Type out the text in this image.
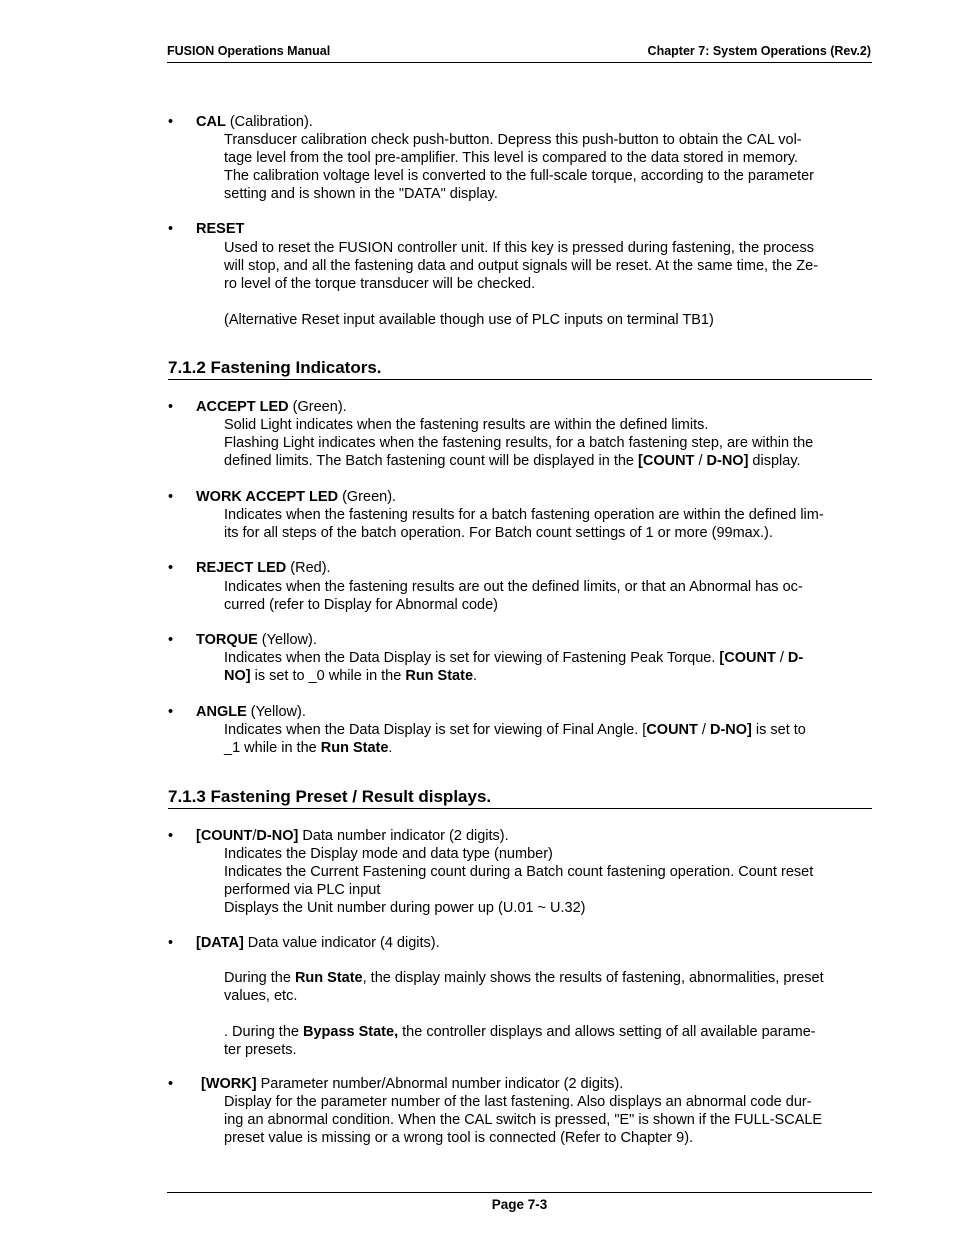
FUSION Operations Manual	Chapter 7: System Operations (Rev.2)
•	CAL (Calibration).
Transducer calibration check push-button. Depress this push-button to obtain the CAL vol-
tage level from the tool pre-amplifier. This level is compared to the data stored in memory.
The calibration voltage level is converted to the full-scale torque, according to the parameter
setting and is shown in the "DATA" display.
•	RESET
Used to reset the FUSION controller unit. If this key is pressed during fastening, the process
will stop, and all the fastening data and output signals will be reset. At the same time, the Ze-
ro level of the torque transducer will be checked.
(Alternative Reset input available though use of PLC inputs on terminal TB1)
7.1.2 Fastening Indicators.
•	ACCEPT LED (Green).
Solid Light indicates when the fastening results are within the defined limits.
Flashing Light indicates when the fastening results, for a batch fastening step, are within the
defined limits. The Batch fastening count will be displayed in the [COUNT / D-NO] display.
•	WORK ACCEPT LED (Green).
Indicates when the fastening results for a batch fastening operation are within the defined lim-
its for all steps of the batch operation. For Batch count settings of 1 or more (99max.).
•	REJECT LED (Red).
Indicates when the fastening results are out the defined limits, or that an Abnormal has oc-
curred (refer to Display for Abnormal code)
•	TORQUE (Yellow).
Indicates when the Data Display is set for viewing of Fastening Peak Torque. [COUNT / D-
NO] is set to _0 while in the Run State.
•	ANGLE (Yellow).
Indicates when the Data Display is set for viewing of Final Angle. [COUNT / D-NO] is set to
_1 while in the Run State.
7.1.3 Fastening Preset / Result displays.
•	[COUNT/D-NO] Data number indicator (2 digits).
Indicates the Display mode and data type (number)
Indicates the Current Fastening count during a Batch count fastening operation. Count reset
performed via PLC input
Displays the Unit number during power up (U.01 ~ U.32)
•	[DATA] Data value indicator (4 digits).
During the Run State, the display mainly shows the results of fastening, abnormalities, preset
values, etc.
. During the Bypass State, the controller displays and allows setting of all available parame-
ter presets.
•	[WORK] Parameter number/Abnormal number indicator (2 digits).
Display for the parameter number of the last fastening. Also displays an abnormal code dur-
ing an abnormal condition. When the CAL switch is pressed, "E" is shown if the FULL-SCALE
preset value is missing or a wrong tool is connected (Refer to Chapter 9).
Page 7-3
